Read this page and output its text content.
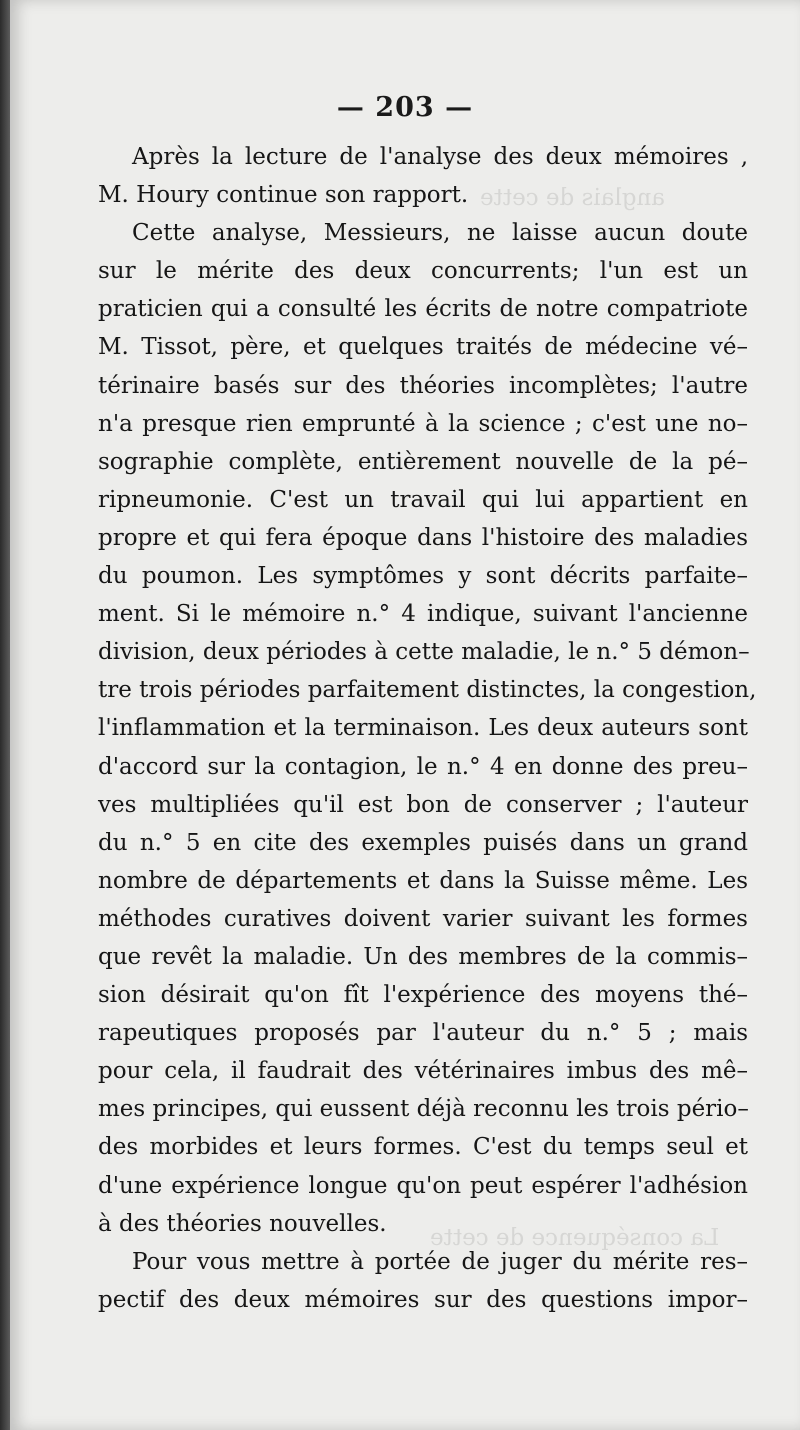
— 203 —
anglais de cette
La conséquence de cette
Après la lecture de l'analyse des deux mémoires ,
M. Houry continue son rapport.
Cette analyse, Messieurs, ne laisse aucun doute
sur le mérite des deux concurrents; l'un est un
praticien qui a consulté les écrits de notre compatriote
M. Tissot, père, et quelques traités de médecine vé–
térinaire basés sur des théories incomplètes; l'autre
n'a presque rien emprunté à la science ; c'est une no–
sographie complète, entièrement nouvelle de la pé–
ripneumonie. C'est un travail qui lui appartient en
propre et qui fera époque dans l'histoire des maladies
du poumon. Les symptômes y sont décrits parfaite–
ment. Si le mémoire n.° 4 indique, suivant l'ancienne
division, deux périodes à cette maladie, le n.° 5 démon–
tre trois périodes parfaitement distinctes, la congestion,
l'inflammation et la terminaison. Les deux auteurs sont
d'accord sur la contagion, le n.° 4 en donne des preu–
ves multipliées qu'il est bon de conserver ; l'auteur
du n.° 5 en cite des exemples puisés dans un grand
nombre de départements et dans la Suisse même. Les
méthodes curatives doivent varier suivant les formes
que revêt la maladie. Un des membres de la commis–
sion désirait qu'on fît l'expérience des moyens thé–
rapeutiques proposés par l'auteur du n.° 5 ; mais
pour cela, il faudrait des vétérinaires imbus des mê–
mes principes, qui eussent déjà reconnu les trois pério–
des morbides et leurs formes. C'est du temps seul et
d'une expérience longue qu'on peut espérer l'adhésion
à des théories nouvelles.
Pour vous mettre à portée de juger du mérite res–
pectif des deux mémoires sur des questions impor–
